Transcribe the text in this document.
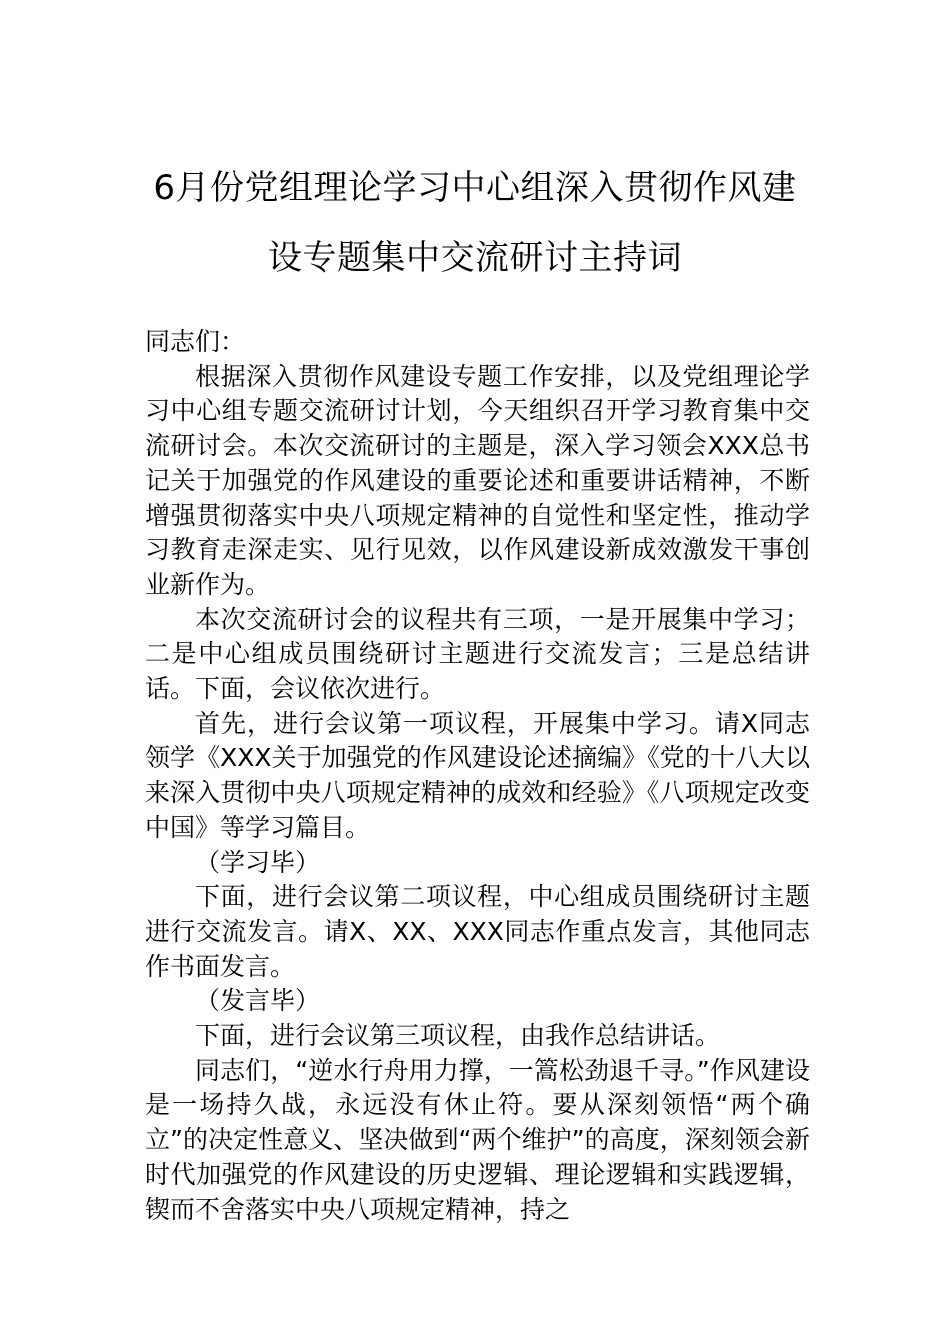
6月份党组理论学习中心组深入贯彻作风建
设专题集中交流研讨主持词

同志们：

根据深入贯彻作风建设专题工作安排，以及党组理论学习中心组专题交流研讨计划，今天组织召开学习教育集中交流研讨会。本次交流研讨的主题是，深入学习领会XXX总书记关于加强党的作风建设的重要论述和重要讲话精神，不断增强贯彻落实中央八项规定精神的自觉性和坚定性，推动学习教育走深走实、见行见效，以作风建设新成效激发干事创业新作为。

本次交流研讨会的议程共有三项，一是开展集中学习；二是中心组成员围绕研讨主题进行交流发言；三是总结讲话。下面，会议依次进行。

首先，进行会议第一项议程，开展集中学习。请X同志领学《XXX关于加强党的作风建设论述摘编》《党的十八大以来深入贯彻中央八项规定精神的成效和经验》《八项规定改变中国》等学习篇目。

（学习毕）

下面，进行会议第二项议程，中心组成员围绕研讨主题进行交流发言。请X、XX、XXX同志作重点发言，其他同志作书面发言。

（发言毕）

下面，进行会议第三项议程，由我作总结讲话。

同志们，“逆水行舟用力撑，一篙松劲退千寻。”作风建设是一场持久战，永远没有休止符。要从深刻领悟“两个确立”的决定性意义、坚决做到“两个维护”的高度，深刻领会新时代加强党的作风建设的历史逻辑、理论逻辑和实践逻辑，锲而不舍落实中央八项规定精神，持之
